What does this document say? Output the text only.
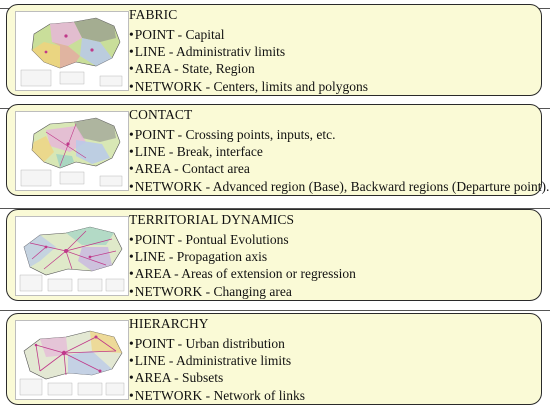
FABRIC
•POINT - Capital
•LINE - Administrativ limits
•AREA - State, Region
•NETWORK - Centers, limits and polygons
CONTACT
•POINT - Crossing points, inputs, etc.
•LINE - Break, interface
•AREA - Contact area
•NETWORK - Advanced region (Base), Backward regions (Departure point).
TERRITORIAL DYNAMICS
•POINT - Pontual Evolutions
•LINE - Propagation axis
•AREA - Areas of extension or regression
•NETWORK - Changing area
HIERARCHY
•POINT - Urban distribution
•LINE - Administrative limits
•AREA - Subsets
•NETWORK - Network of links
